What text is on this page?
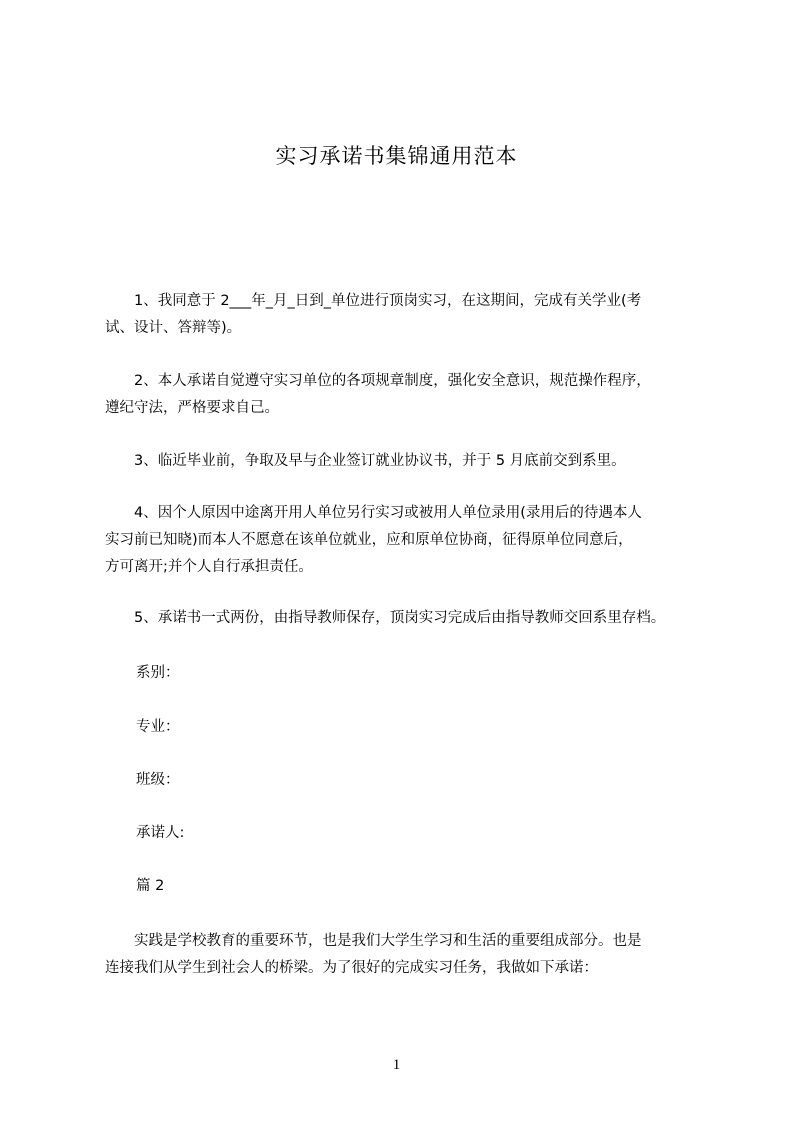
实习承诺书集锦通用范本
　　1、我同意于 2___年_月_日到_单位进行顶岗实习，在这期间，完成有关学业(考
试、设计、答辩等)。
　　2、本人承诺自觉遵守实习单位的各项规章制度，强化安全意识，规范操作程序，
遵纪守法，严格要求自己。
　　3、临近毕业前，争取及早与企业签订就业协议书，并于 5 月底前交到系里。
　　4、因个人原因中途离开用人单位另行实习或被用人单位录用(录用后的待遇本人
实习前已知晓)而本人不愿意在该单位就业，应和原单位协商，征得原单位同意后，
方可离开;并个人自行承担责任。
　　5、承诺书一式两份，由指导教师保存，顶岗实习完成后由指导教师交回系里存档。
系别：
专业：
班级：
承诺人:
篇 2
　　实践是学校教育的重要环节，也是我们大学生学习和生活的重要组成部分。也是
连接我们从学生到社会人的桥梁。为了很好的完成实习任务，我做如下承诺：
1
